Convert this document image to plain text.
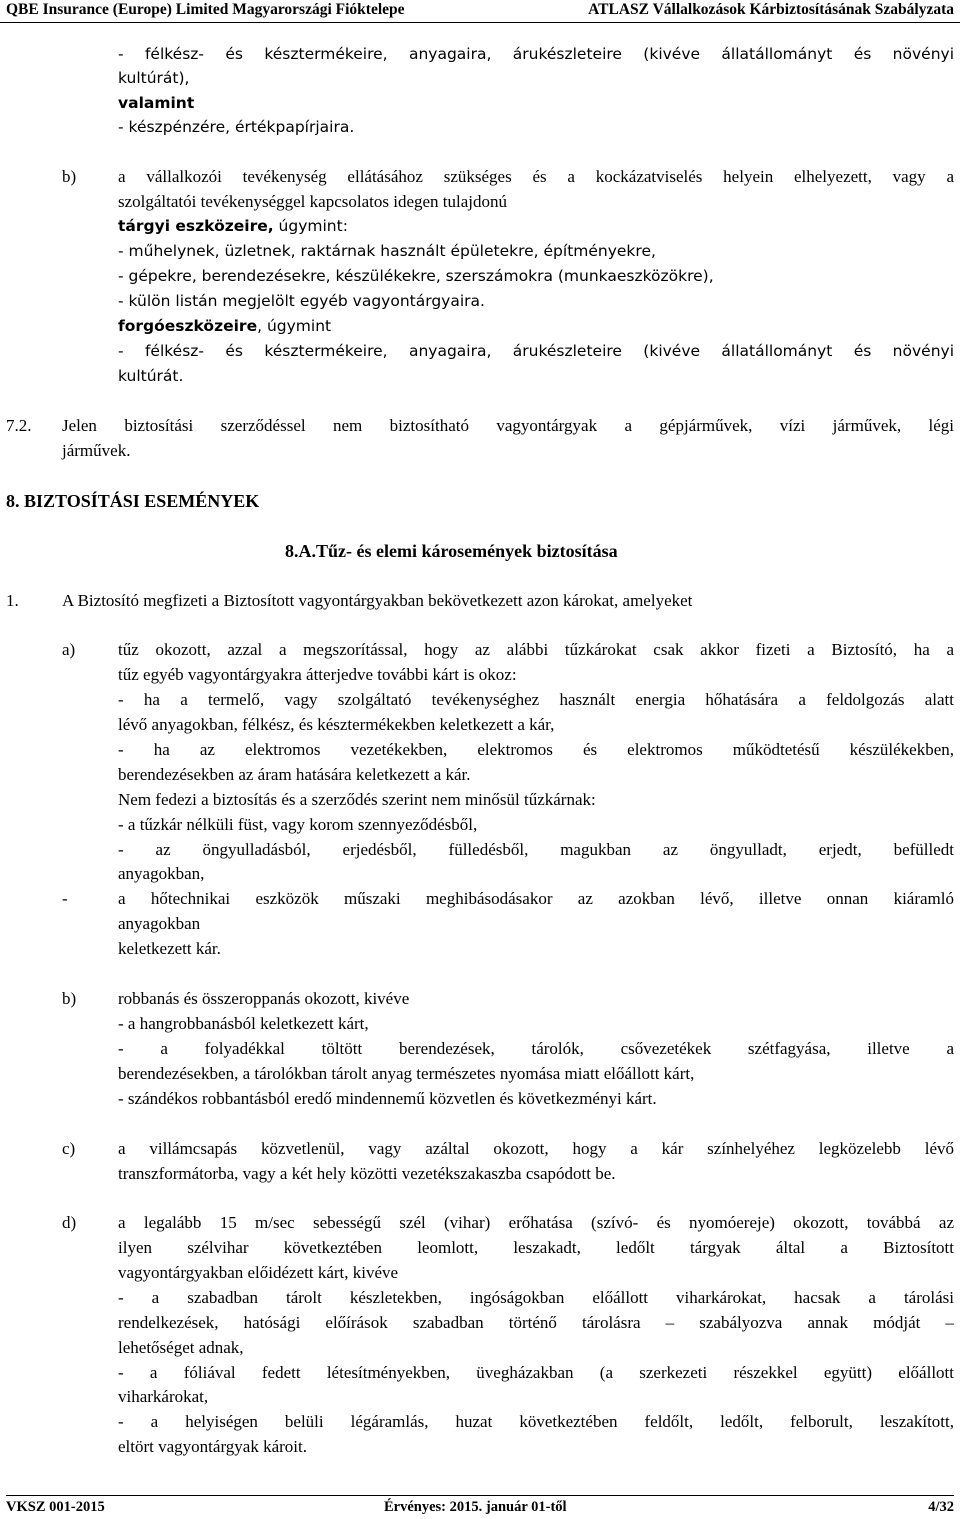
QBE Insurance (Europe) Limited Magyarországi Fióktelepe	ATLASZ Vállalkozások Kárbiztosításának Szabályzata
- félkész- és késztermékeire, anyagaira, árukészleteire (kivéve állatállományt és növényi
kultúrát),
valamint
- készpénzére, értékpapírjaira.
b) a vállalkozói tevékenység ellátásához szükséges és a kockázatviselés helyein elhelyezett, vagy a
szolgáltatói tevékenységgel kapcsolatos idegen tulajdonú
tárgyi eszközeire, úgymint:
- műhelynek, üzletnek, raktárnak használt épületekre, építményekre,
- gépekre, berendezésekre, készülékekre, szerszámokra (munkaeszközökre),
- külön listán megjelölt egyéb vagyontárgyaira.
forgóeszközeire, úgymint
- félkész- és késztermékeire, anyagaira, árukészleteire (kivéve állatállományt és növényi
kultúrát.
7.2. Jelen biztosítási szerződéssel nem biztosítható vagyontárgyak a gépjárművek, vízi járművek, légi
járművek.
8. BIZTOSÍTÁSI ESEMÉNYEK
8.A.Tűz- és elemi károsemények biztosítása
1.	A Biztosító megfizeti a Biztosított vagyontárgyakban bekövetkezett azon károkat, amelyeket
a)	tűz okozott, azzal a megszorítással, hogy az alábbi tűzkárokat csak akkor fizeti a Biztosító, ha a
tűz egyéb vagyontárgyakra átterjedve további kárt is okoz:
- ha a termelő, vagy szolgáltató tevékenységhez használt energia hőhatására a feldolgozás alatt
lévő anyagokban, félkész, és késztermékekben keletkezett a kár,
- ha az elektromos vezetékekben, elektromos és elektromos működtetésű készülékekben,
berendezésekben az áram hatására keletkezett a kár.
Nem fedezi a biztosítás és a szerződés szerint nem minősül tűzkárnak:
- a tűzkár nélküli füst, vagy korom szennyeződésből,
- az öngyulladásból, erjedésből, fülledésből, magukban az öngyulladt, erjedt, befülledt
anyagokban,
-	a hőtechnikai eszközök műszaki meghibásodásakor az azokban lévő, illetve onnan kiáramló
anyagokban
keletkezett kár.
b) robbanás és összeroppanás okozott, kivéve
- a hangrobbanásból keletkezett kárt,
- a folyadékkal töltött berendezések, tárolók, csővezetékek szétfagyása, illetve a
berendezésekben, a tárolókban tárolt anyag természetes nyomása miatt előállott kárt,
- szándékos robbantásból eredő mindennemű közvetlen és következményi kárt.
c)	a villámcsapás közvetlenül, vagy azáltal okozott, hogy a kár színhelyéhez legközelebb lévő
transzformátorba, vagy a két hely közötti vezetékszakaszba csapódott be.
d) a legalább 15 m/sec sebességű szél (vihar) erőhatása (szívó- és nyomóereje) okozott, továbbá az
ilyen szélvihar következtében leomlott, leszakadt, ledőlt tárgyak által a Biztosított
vagyontárgyakban előidézett kárt, kivéve
- a szabadban tárolt készletekben, ingóságokban előállott viharkárokat, hacsak a tárolási
rendelkezések, hatósági előírások szabadban történő tárolásra – szabályozva annak módját –
lehetőséget adnak,
- a fóliával fedett létesítményekben, üvegházakban (a szerkezeti részekkel együtt) előállott
viharkárokat,
- a helyiségen belüli légáramlás, huzat következtében feldőlt, ledőlt, felborult, leszakított,
eltört vagyontárgyak károit.
VKSZ 001-2015	Érvényes: 2015. január 01-től	4/32
